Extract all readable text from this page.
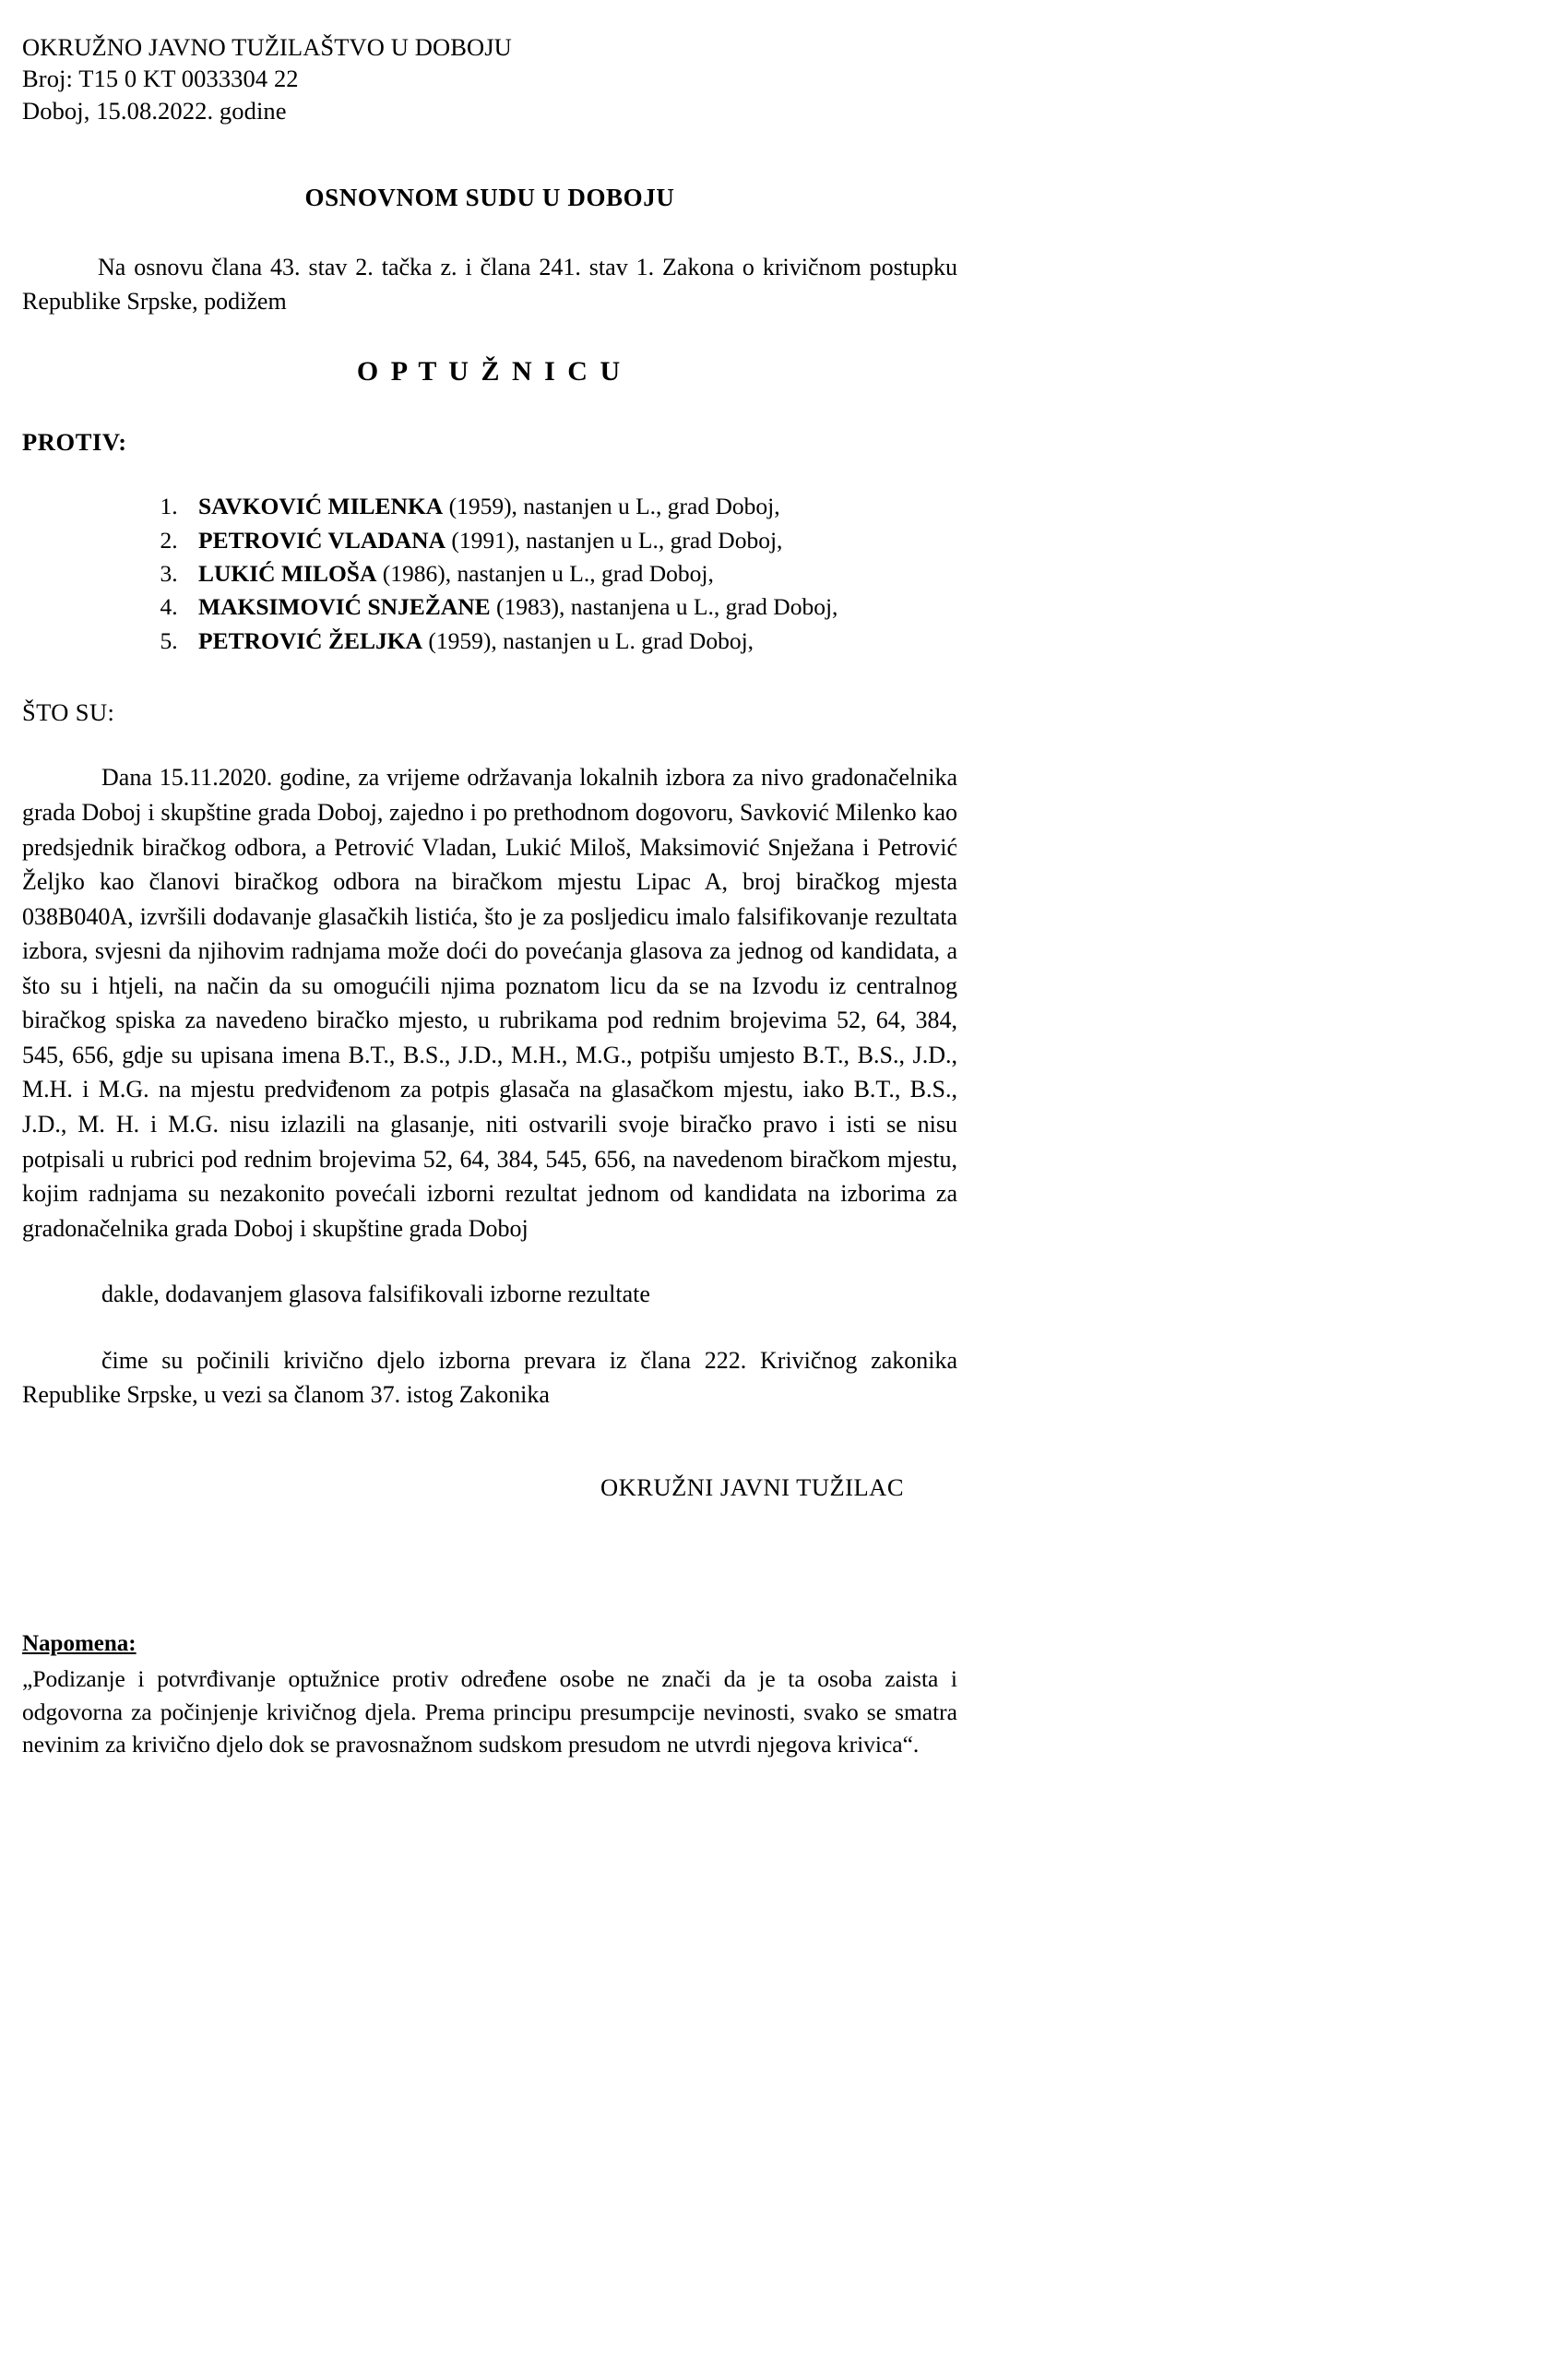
OKRUŽNO JAVNO TUŽILAŠTVO U DOBOJU
Broj: T15 0 KT 0033304 22
Doboj, 15.08.2022. godine
OSNOVNOM SUDU U DOBOJU
Na osnovu člana 43. stav 2. tačka z. i člana 241. stav 1. Zakona o krivičnom postupku Republike Srpske, podižem
O P T U Ž N I C U
PROTIV:
1. SAVKOVIĆ MILENKA (1959), nastanjen u L., grad Doboj,
2. PETROVIĆ VLADANA (1991), nastanjen u L., grad Doboj,
3. LUKIĆ MILOŠA (1986), nastanjen u L., grad Doboj,
4. MAKSIMOVIĆ SNJEŽANE (1983), nastanjena u L., grad Doboj,
5. PETROVIĆ ŽELJKA (1959), nastanjen u L. grad Doboj,
ŠTO SU:
Dana 15.11.2020. godine, za vrijeme održavanja lokalnih izbora za nivo gradonačelnika grada Doboj i skupštine grada Doboj, zajedno i po prethodnom dogovoru, Savković Milenko kao predsjednik biračkog odbora, a Petrović Vladan, Lukić Miloš, Maksimović Snježana i Petrović Željko kao članovi biračkog odbora na biračkom mjestu Lipac A, broj biračkog mjesta 038B040A, izvršili dodavanje glasačkih listića, što je za posljedicu imalo falsifikovanje rezultata izbora, svjesni da njihovim radnjama može doći do povećanja glasova za jednog od kandidata, a što su i htjeli, na način da su omogućili njima poznatom licu da se na Izvodu iz centralnog biračkog spiska za navedeno biračko mjesto, u rubrikama pod rednim brojevima 52, 64, 384, 545, 656, gdje su upisana imena B.T., B.S., J.D., M.H., M.G., potpišu umjesto B.T., B.S., J.D., M.H. i M.G. na mjestu predviđenom za potpis glasača na glasačkom mjestu, iako B.T., B.S., J.D., M. H. i M.G. nisu izlazili na glasanje, niti ostvarili svoje biračko pravo i isti se nisu potpisali u rubrici pod rednim brojevima 52, 64, 384, 545, 656, na navedenom biračkom mjestu, kojim radnjama su nezakonito povećali izborni rezultat jednom od kandidata na izborima za gradonačelnika grada Doboj i skupštine grada Doboj
dakle, dodavanjem glasova falsifikovali izborne rezultate
čime su počinili krivično djelo izborna prevara iz člana 222. Krivičnog zakonika Republike Srpske, u vezi sa članom 37. istog Zakonika
OKRUŽNI JAVNI TUŽILAC
Napomena:
„Podizanje i potvrđivanje optužnice protiv određene osobe ne znači da je ta osoba zaista i odgovorna za počinjenje krivičnog djela. Prema principu presumpcije nevinosti, svako se smatra nevinim za krivično djelo dok se pravosnažnom sudskom presudom ne utvrdi njegova krivica“.
